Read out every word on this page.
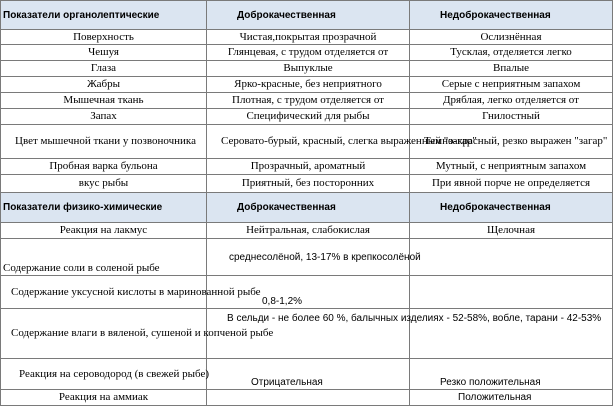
Показатели органолептические	Доброкачественная	Недоброкачественная
Поверхность	Чистая,покрытая прозрачной	Ослизнённая
Чешуя	Глянцевая, с трудом отделяется от	Тусклая, отделяется легко
Глаза	Выпуклые	Впалые
Жабры	Ярко-красные, без неприятного	Серые с неприятным запахом
Мышечная ткань	Плотная, с трудом отделяется от	Дряблая, легко отделяется от
Запах	Специфический для рыбы	Гнилостный
Цвет мышечной ткани у позвоночника	Серовато-бурый, красный, слегка выраженный "загар"	Темно-красный, резко выражен "загар"
Пробная варка бульона	Прозрачный, ароматный	Мутный, с неприятным запахом
вкус рыбы	Приятный, без посторонних	При явной порче не определяется
Показатели физико-химические	Доброкачественная	Недоброкачественная
Реакция на лакмус	Нейтральная, слабокислая	Щелочная
Содержание соли в соленой рыбе	среднесолёной, 13-17% в крепкосолёной	
Содержание уксусной кислоты в маринованной рыбе	0,8-1,2%	
Содержание влаги в вяленой, сушеной и копченой рыбе	В сельди - не более 60 %, балычных изделиях - 52-58%, вобле, тарани - 42-53%	
Реакция на сероводород (в свежей рыбе)	Отрицательная	Резко положительная
Реакция на аммиак		Положительная
